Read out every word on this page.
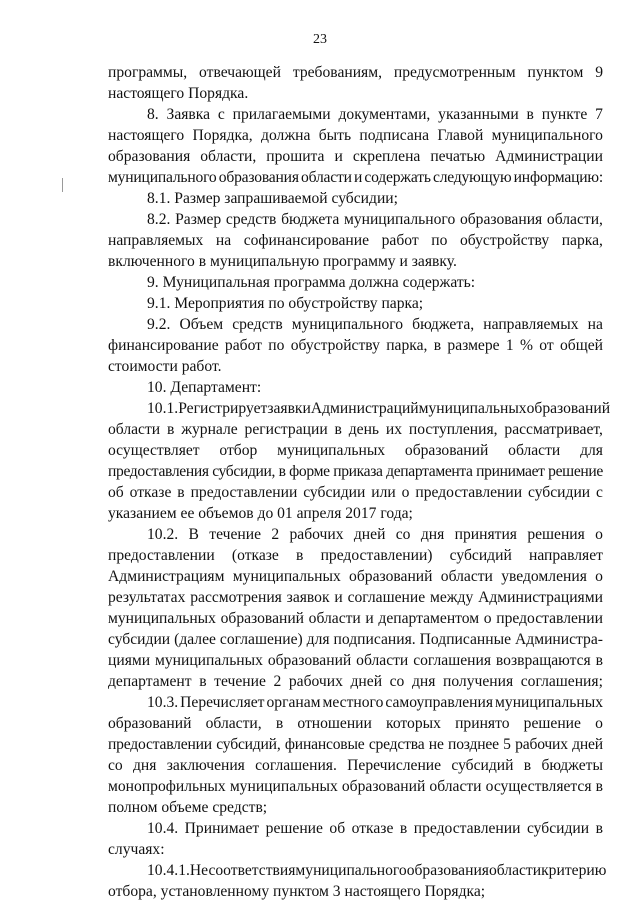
23
программы, отвечающей требованиям, предусмотренным пунктом 9
настоящего Порядка.
8. Заявка с прилагаемыми документами, указанными в пункте 7
настоящего Порядка, должна быть подписана Главой муниципального
образования области, прошита и скреплена печатью Администрации
муниципального образования области и содержать следующую информацию:
8.1. Размер запрашиваемой субсидии;
8.2. Размер средств бюджета муниципального образования области,
направляемых на софинансирование работ по обустройству парка,
включенного в муниципальную программу и заявку.
9. Муниципальная программа должна содержать:
9.1. Мероприятия по обустройству парка;
9.2. Объем средств муниципального бюджета, направляемых на
финансирование работ по обустройству парка, в размере 1 % от общей
стоимости работ.
10. Департамент:
10.1. Регистрирует заявки Администраций муниципальных образований
области в журнале регистрации в день их поступления, рассматривает,
осуществляет отбор муниципальных образований области для
предоставления субсидии, в форме приказа департамента принимает решение
об отказе в предоставлении субсидии или о предоставлении субсидии с
указанием ее объемов до 01 апреля 2017 года;
10.2. В течение 2 рабочих дней со дня принятия решения о
предоставлении (отказе в предоставлении) субсидий направляет
Администрациям муниципальных образований области уведомления о
результатах рассмотрения заявок и соглашение между Администрациями
муниципальных образований области и департаментом о предоставлении
субсидии (далее соглашение) для подписания. Подписанные Администра-
циями муниципальных образований области соглашения возвращаются в
департамент в течение 2 рабочих дней со дня получения соглашения;
10.3. Перечисляет органам местного самоуправления муниципальных
образований области, в отношении которых принято решение о
предоставлении субсидий, финансовые средства не позднее 5 рабочих дней
со дня заключения соглашения. Перечисление субсидий в бюджеты
монопрофильных муниципальных образований области осуществляется в
полном объеме средств;
10.4. Принимает решение об отказе в предоставлении субсидии в
случаях:
10.4.1. Несоответствия муниципального образования области критерию
отбора, установленному пунктом 3 настоящего Порядка;
